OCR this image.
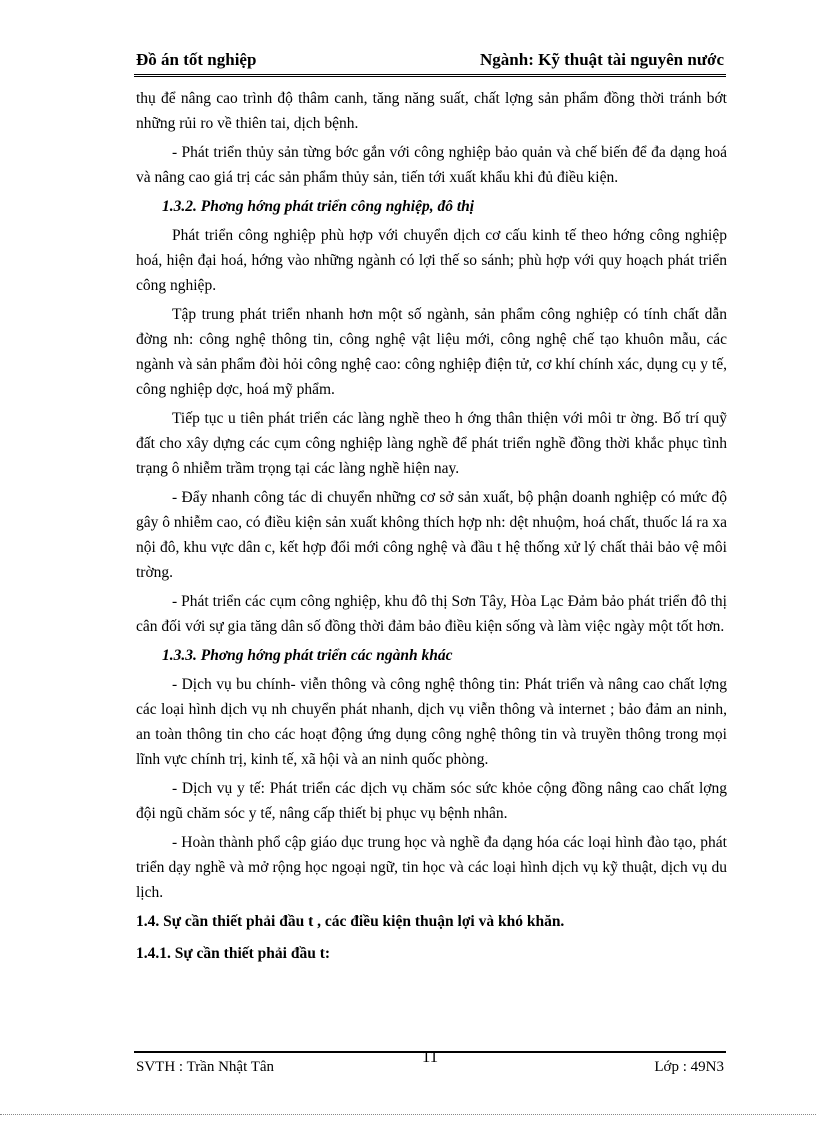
Đồ án tốt nghiệp	Ngành: Kỹ thuật tài nguyên nước

thụ để nâng cao trình độ thâm canh, tăng năng suất, chất lợng sản phẩm đồng thời tránh bớt những rủi ro về thiên tai, dịch bệnh.

- Phát triển thủy sản từng bớc gắn với công nghiệp bảo quản và chế biến để đa dạng hoá và nâng cao giá trị các sản phẩm thủy sản, tiến tới xuất khẩu khi đủ điều kiện.

1.3.2. Phơng hớng phát triển công nghiệp, đô thị

Phát triển công nghiệp phù hợp với chuyển dịch cơ cấu kinh tế theo hớng công nghiệp hoá, hiện đại hoá, hớng vào những ngành có lợi thế so sánh; phù hợp với quy hoạch phát triển công nghiệp.

Tập trung phát triển nhanh hơn một số ngành, sản phẩm công nghiệp có tính chất dẫn đờng nh: công nghệ thông tin, công nghệ vật liệu mới, công nghệ chế tạo khuôn mẫu, các ngành và sản phẩm đòi hỏi công nghệ cao: công nghiệp điện tử, cơ khí chính xác, dụng cụ y tế, công nghiệp dợc, hoá mỹ phẩm.

Tiếp tục u tiên phát triển các làng nghề theo h ớng thân thiện với môi tr ờng. Bố trí quỹ đất cho xây dựng các cụm công nghiệp làng nghề để phát triển nghề đồng thời khắc phục tình trạng ô nhiễm trầm trọng tại các làng nghề hiện nay.

- Đẩy nhanh công tác di chuyển những cơ sở sản xuất, bộ phận doanh nghiệp có mức độ gây ô nhiễm cao, có điều kiện sản xuất không thích hợp nh: dệt nhuộm, hoá chất, thuốc lá ra xa nội đô, khu vực dân c, kết hợp đổi mới công nghệ và đầu t hệ thống xử lý chất thải bảo vệ môi trờng.

- Phát triển các cụm công nghiệp, khu đô thị Sơn Tây, Hòa Lạc Đảm bảo phát triển đô thị cân đối với sự gia tăng dân số đồng thời đảm bảo điều kiện sống và làm việc ngày một tốt hơn.

1.3.3. Phơng hớng phát triển các ngành khác

- Dịch vụ bu chính- viễn thông và công nghệ thông tin: Phát triển và nâng cao chất lợng các loại hình dịch vụ nh chuyển phát nhanh, dịch vụ viễn thông và internet ; bảo đảm an ninh, an toàn thông tin cho các hoạt động ứng dụng công nghệ thông tin và truyền thông trong mọi lĩnh vực chính trị, kinh tế, xã hội và an ninh quốc phòng.

- Dịch vụ y tế: Phát triển các dịch vụ chăm sóc sức khỏe cộng đồng nâng cao chất lợng đội ngũ chăm sóc y tế, nâng cấp thiết bị phục vụ bệnh nhân.

- Hoàn thành phổ cập giáo dục trung học và nghề đa dạng hóa các loại hình đào tạo, phát triển dạy nghề và mở rộng học ngoại ngữ, tin học và các loại hình dịch vụ kỹ thuật, dịch vụ du lịch.

1.4. Sự cần thiết phải đầu t , các điều kiện thuận lợi và khó khăn.
1.4.1. Sự cần thiết phải đầu t:
SVTH : Trần Nhật Tân
11
Lớp : 49N3
